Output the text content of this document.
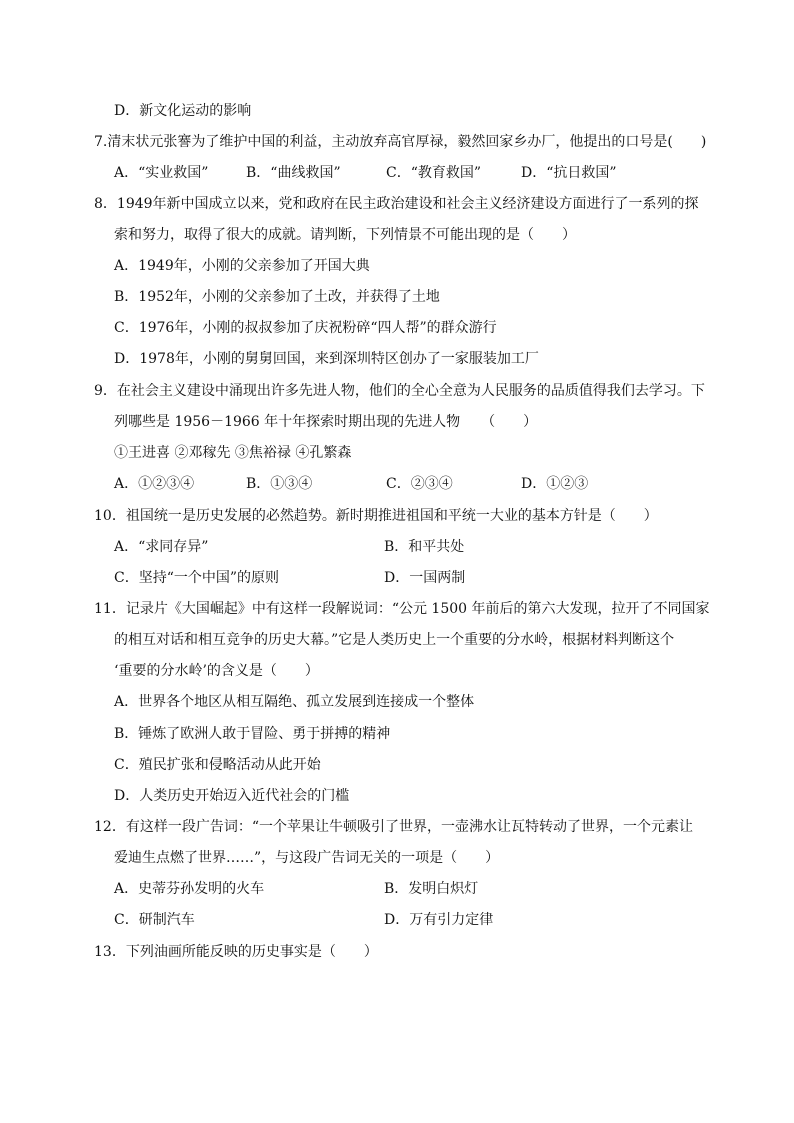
D．新文化运动的影响
7.清末状元张謇为了维护中国的利益，主动放弃高官厚禄，毅然回家乡办厂，他提出的口号是(　　)
A．“实业救国”	B．“曲线救国”	C．“教育救国”	D．“抗日救国”
8．1949年新中国成立以来，党和政府在民主政治建设和社会主义经济建设方面进行了一系列的探
索和努力，取得了很大的成就。请判断，下列情景不可能出现的是（　　）
A．1949年，小刚的父亲参加了开国大典
B．1952年，小刚的父亲参加了土改，并获得了土地
C．1976年，小刚的叔叔参加了庆祝粉碎“四人帮”的群众游行
D．1978年，小刚的舅舅回国，来到深圳特区创办了一家服装加工厂
9．在社会主义建设中涌现出许多先进人物，他们的全心全意为人民服务的品质值得我们去学习。下
列哪些是 1956－1966 年十年探索时期出现的先进人物　　（　　）
①王进喜 ②邓稼先 ③焦裕禄 ④孔繁森
A．①②③④	B．①③④	C．②③④	D．①②③
10．祖国统一是历史发展的必然趋势。新时期推进祖国和平统一大业的基本方针是（　　）
A．“求同存异”	B．和平共处
C．坚持“一个中国”的原则	D．一国两制
11．记录片《大国崛起》中有这样一段解说词：“公元 1500 年前后的第六大发现，拉开了不同国家
的相互对话和相互竞争的历史大幕。”它是人类历史上一个重要的分水岭，根据材料判断这个
‘重要的分水岭’的含义是（　　）
A．世界各个地区从相互隔绝、孤立发展到连接成一个整体
B．锤炼了欧洲人敢于冒险、勇于拼搏的精神
C．殖民扩张和侵略活动从此开始
D．人类历史开始迈入近代社会的门槛
12．有这样一段广告词：“一个苹果让牛顿吸引了世界，一壶沸水让瓦特转动了世界，一个元素让
爱迪生点燃了世界……”，与这段广告词无关的一项是（　　）
A．史蒂芬孙发明的火车	B．发明白炽灯
C．研制汽车	D．万有引力定律
13．下列油画所能反映的历史事实是（　　）
